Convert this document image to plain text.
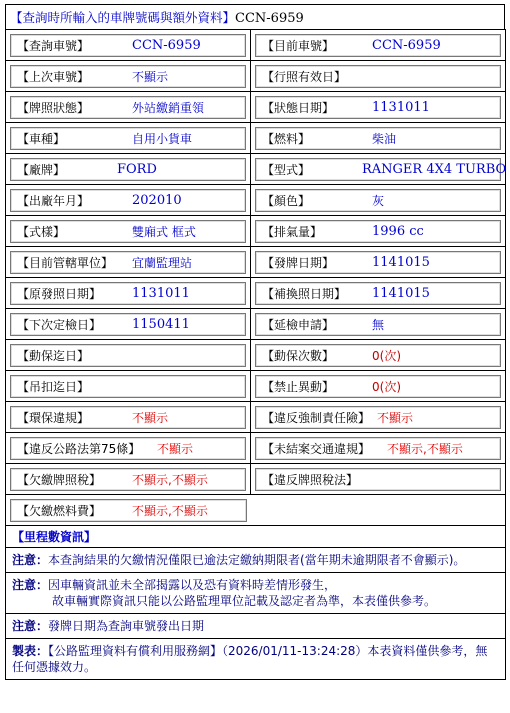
【查詢時所輸入的車牌號碼與額外資料】CCN-6959
【查詢車號】 CCN-6959	【目前車號】 CCN-6959

【上次車號】 不顯示	【行照有效日】

【牌照狀態】 外站繳銷重領	【狀態日期】 1131011

【車種】 自用小貨車	【燃料】 柴油

【廠牌】 FORD	【型式】 RANGER 4X4 TURBO

【出廠年月】 202010	【顏色】 灰

【式樣】 雙廂式 框式	【排氣量】 1996 cc

【目前管轄單位】 宜蘭監理站	【發牌日期】 1141015

【原發照日期】 1131011	【補換照日期】 1141015

【下次定檢日】 1150411	【延檢申請】 無

【動保迄日】	【動保次數】 0(次)

【吊扣迄日】	【禁止異動】 0(次)

【環保違規】 不顯示	【違反強制責任險】 不顯示

【違反公路法第75條】 不顯示	【未結案交通違規】 不顯示,不顯示

【欠繳牌照稅】 不顯示,不顯示	【違反牌照稅法】

【欠繳燃料費】 不顯示,不顯示	

【里程數資訊】	
注意：本查詢結果的欠繳情況僅限已逾法定繳納期限者(當年期未逾期限者不會顯示)。	
注意：因車輛資訊並未全部揭露以及恐有資料時差情形發生，
故車輛實際資訊只能以公路監理單位記載及認定者為準，本表僅供參考。	

注意：發牌日期為查詢車號發出日期	
製表：【公路監理資料有償利用服務網】（2026/01/11-13:24:28）本表資料僅供參考，無任何憑據效力。	
